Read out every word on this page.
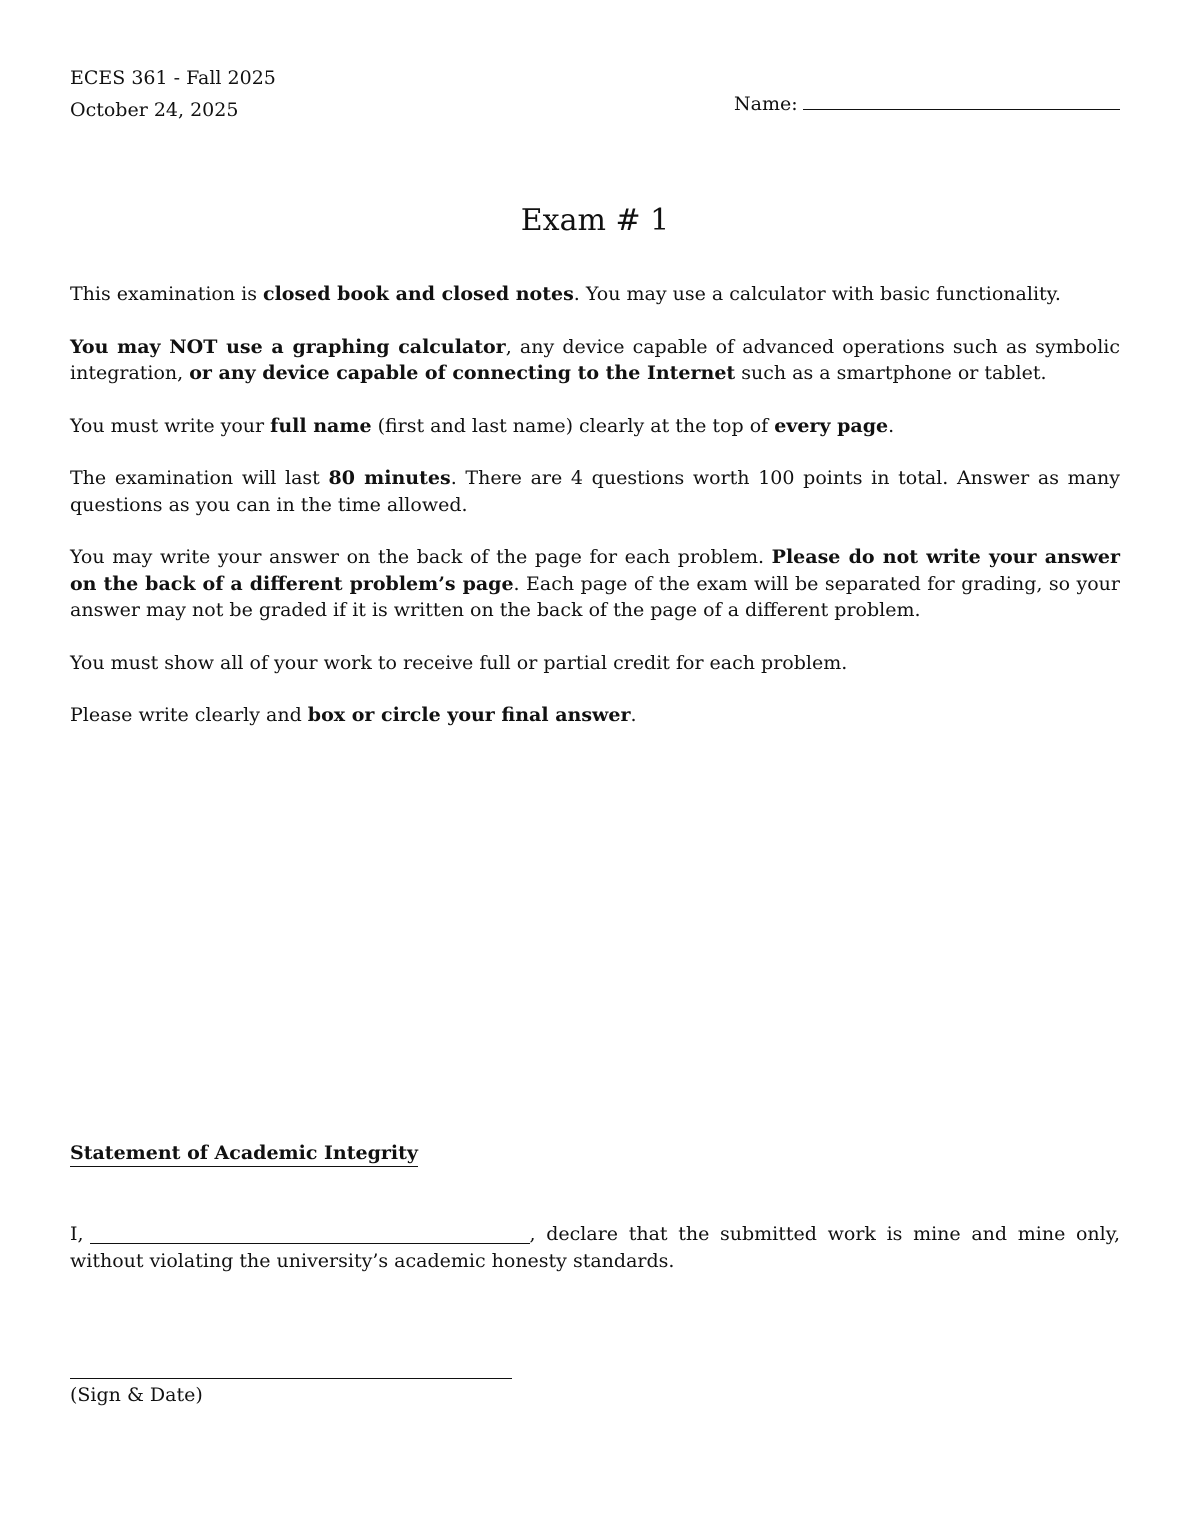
ECES 361 - Fall 2025
October 24, 2025	Name:
Exam # 1

This examination is closed book and closed notes. You may use a calculator with basic functionality.

You may NOT use a graphing calculator, any device capable of advanced operations such as symbolic integration, or any device capable of connecting to the Internet such as a smartphone or tablet.

You must write your full name (first and last name) clearly at the top of every page.

The examination will last 80 minutes. There are 4 questions worth 100 points in total. Answer as many questions as you can in the time allowed.

You may write your answer on the back of the page for each problem. Please do not write your answer on the back of a different problem’s page. Each page of the exam will be separated for grading, so your answer may not be graded if it is written on the back of the page of a different problem.

You must show all of your work to receive full or partial credit for each problem.

Please write clearly and box or circle your final answer.

Statement of Academic Integrity
I,	, declare that the submitted work is mine and mine only, without violating the university’s academic honesty standards.
(Sign & Date)
